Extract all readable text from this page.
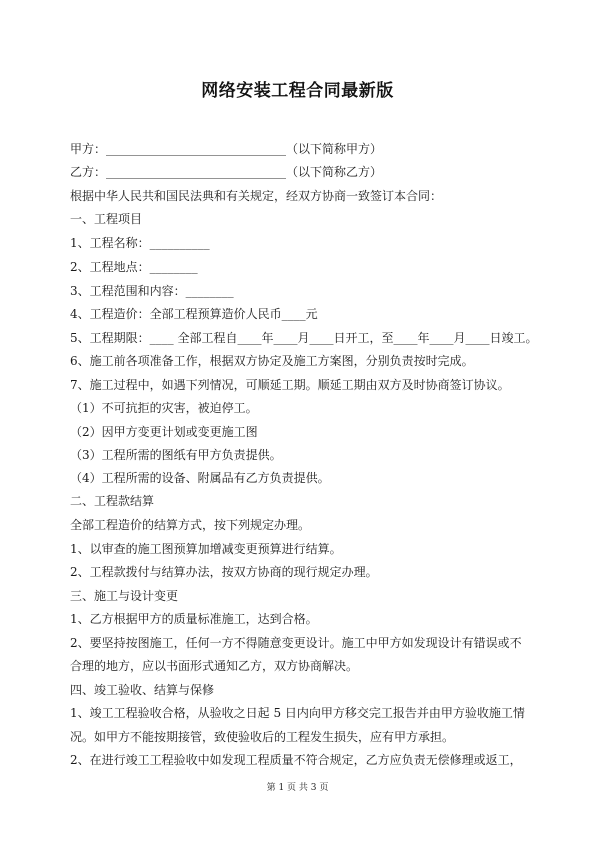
网络安装工程合同最新版
甲方：______________________________（以下简称甲方）
乙方：______________________________（以下简称乙方）
根据中华人民共和国民法典和有关规定，经双方协商一致签订本合同：
一、工程项目
1、工程名称：__________
2、工程地点：________
3、工程范围和内容：________
4、工程造价：全部工程预算造价人民币____元
5、工程期限：____ 全部工程自____年____月____日开工，至____年____月____日竣工。
6、施工前各项准备工作，根据双方协定及施工方案图，分别负责按时完成。
7、施工过程中，如遇下列情况，可顺延工期。顺延工期由双方及时协商签订协议。
（1）不可抗拒的灾害，被迫停工。
（2）因甲方变更计划或变更施工图
（3）工程所需的图纸有甲方负责提供。
（4）工程所需的设备、附属品有乙方负责提供。
二、工程款结算
全部工程造价的结算方式，按下列规定办理。
1、以审查的施工图预算加增减变更预算进行结算。
2、工程款拨付与结算办法，按双方协商的现行规定办理。
三、施工与设计变更
1、乙方根据甲方的质量标准施工，达到合格。
2、要坚持按图施工，任何一方不得随意变更设计。施工中甲方如发现设计有错误或不
合理的地方，应以书面形式通知乙方，双方协商解决。
四、竣工验收、结算与保修
1、竣工工程验收合格，从验收之日起 5 日内向甲方移交完工报告并由甲方验收施工情
况。如甲方不能按期接管，致使验收后的工程发生损失，应有甲方承担。
2、在进行竣工工程验收中如发现工程质量不符合规定，乙方应负责无偿修理或返工，
第 1 页 共 3 页
